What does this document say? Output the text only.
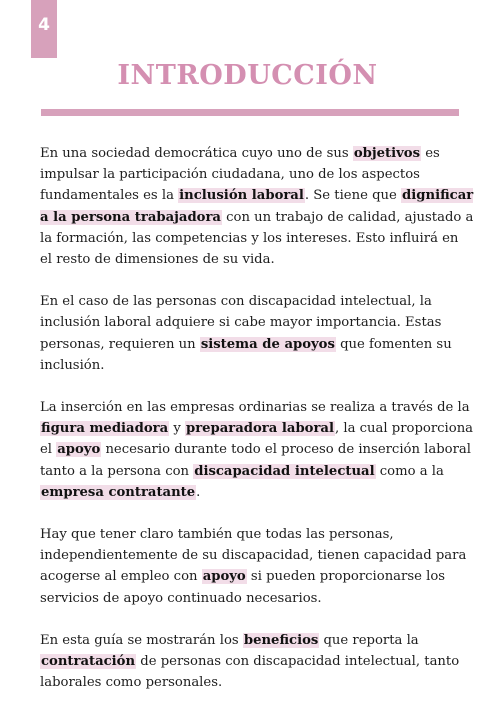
4
INTRODUCCIÓN

En una sociedad democrática cuyo uno de sus objetivos es impulsar la participación ciudadana, uno de los aspectos fundamentales es la inclusión laboral. Se tiene que dignificar a la persona trabajadora con un trabajo de calidad, ajustado a la formación, las competencias y los intereses. Esto influirá en el resto de dimensiones de su vida.

En el caso de las personas con discapacidad intelectual, la inclusión laboral adquiere si cabe mayor importancia. Estas personas, requieren un sistema de apoyos que fomenten su inclusión.

La inserción en las empresas ordinarias se realiza a través de la figura mediadora y preparadora laboral, la cual proporciona el apoyo necesario durante todo el proceso de inserción laboral tanto a la persona con discapacidad intelectual como a la empresa contratante.

Hay que tener claro también que todas las personas, independientemente de su discapacidad, tienen capacidad para acogerse al empleo con apoyo si pueden proporcionarse los servicios de apoyo continuado necesarios.

En esta guía se mostrarán los beneficios que reporta la contratación de personas con discapacidad intelectual, tanto laborales como personales.
